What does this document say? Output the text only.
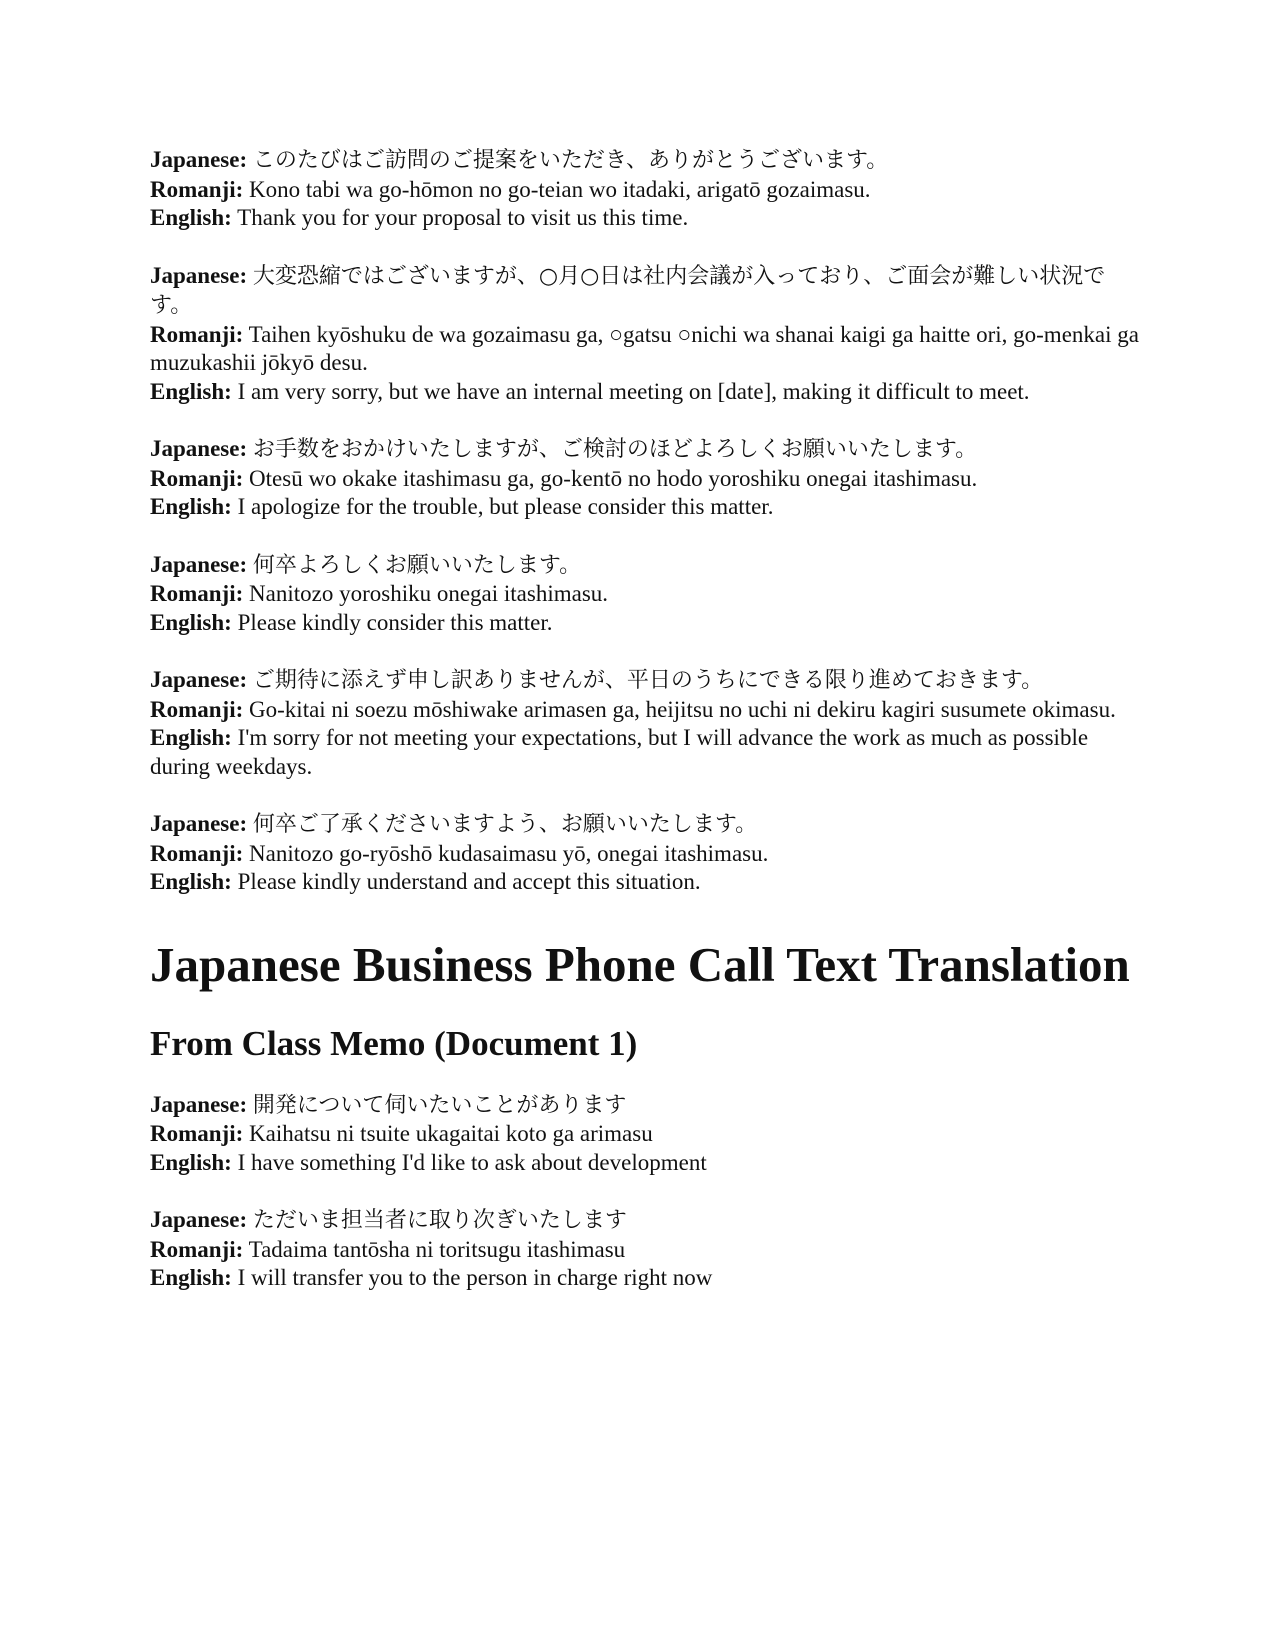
Japanese: このたびはご訪問のご提案をいただき、ありがとうございます。

Romanji: Kono tabi wa go-hōmon no go-teian wo itadaki, arigatō gozaimasu.

English: Thank you for your proposal to visit us this time.

Japanese: 大変恐縮ではございますが、○月○日は社内会議が入っており、ご面会が難しい状況です。

Romanji: Taihen kyōshuku de wa gozaimasu ga, ○gatsu ○nichi wa shanai kaigi ga haitte ori, go-menkai ga muzukashii jōkyō desu.

English: I am very sorry, but we have an internal meeting on [date], making it difficult to meet.

Japanese: お手数をおかけいたしますが、ご検討のほどよろしくお願いいたします。

Romanji: Otesū wo okake itashimasu ga, go-kentō no hodo yoroshiku onegai itashimasu.

English: I apologize for the trouble, but please consider this matter.

Japanese: 何卒よろしくお願いいたします。

Romanji: Nanitozo yoroshiku onegai itashimasu.

English: Please kindly consider this matter.

Japanese: ご期待に添えず申し訳ありませんが、平日のうちにできる限り進めておきます。

Romanji: Go-kitai ni soezu mōshiwake arimasen ga, heijitsu no uchi ni dekiru kagiri susumete okimasu.

English: I'm sorry for not meeting your expectations, but I will advance the work as much as possible during weekdays.

Japanese: 何卒ご了承くださいますよう、お願いいたします。

Romanji: Nanitozo go-ryōshō kudasaimasu yō, onegai itashimasu.

English: Please kindly understand and accept this situation.

Japanese Business Phone Call Text Translation
From Class Memo (Document 1)

Japanese: 開発について伺いたいことがあります

Romanji: Kaihatsu ni tsuite ukagaitai koto ga arimasu

English: I have something I'd like to ask about development

Japanese: ただいま担当者に取り次ぎいたします

Romanji: Tadaima tantōsha ni toritsugu itashimasu

English: I will transfer you to the person in charge right now
